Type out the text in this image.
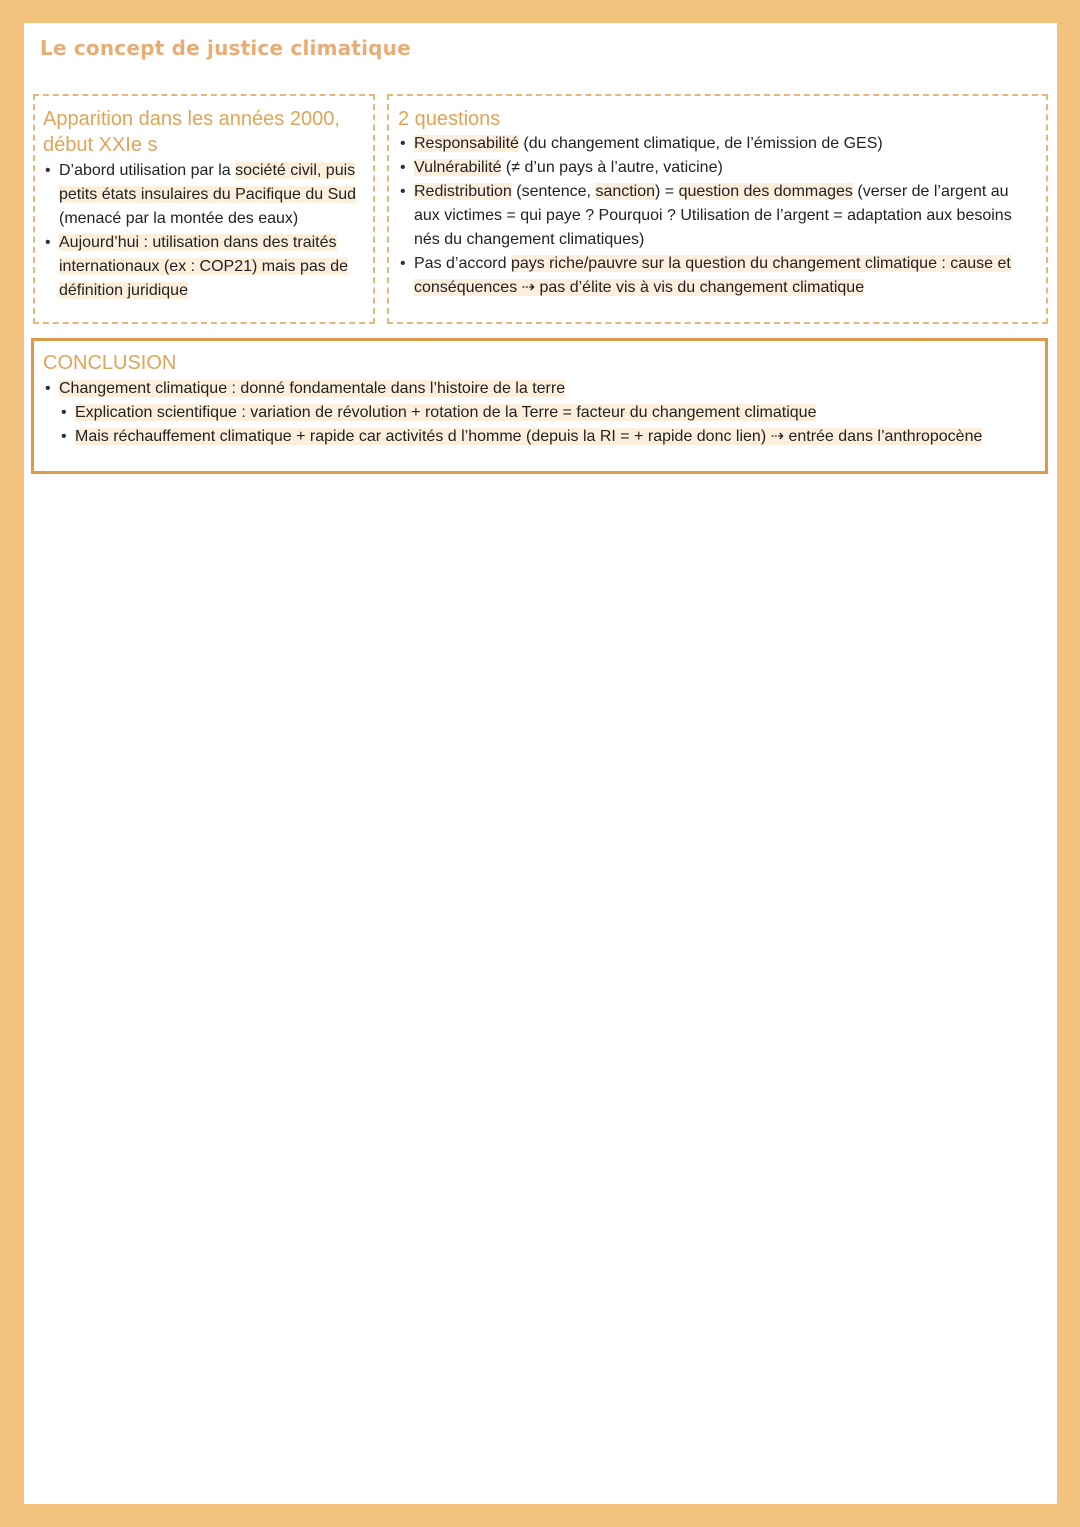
Le concept de justice climatique

Apparition dans les années 2000, début XXIe s

• D’abord utilisation par la société civil, puis petits états insulaires du Pacifique du Sud (menacé par la montée des eaux)
• Aujourd’hui : utilisation dans des traités internationaux (ex : COP21) mais pas de définition juridique

2 questions

• Responsabilité (du changement climatique, de l’émission de GES)
• Vulnérabilité (≠ d’un pays à l’autre, vaticine)
• Redistribution (sentence, sanction) = question des dommages (verser de l’argent au aux victimes = qui paye ? Pourquoi ? Utilisation de l’argent = adaptation aux besoins nés du changement climatiques)
• Pas d’accord pays riche/pauvre sur la question du changement climatique : cause et conséquences ⇢ pas d’élite vis à vis du changement climatique

CONCLUSION

• Changement climatique : donné fondamentale dans l’histoire de la terre
• Explication scientifique : variation de révolution + rotation de la Terre = facteur du changement climatique
• Mais réchauffement climatique + rapide car activités d l’homme (depuis la RI = + rapide donc lien) ⇢ entrée dans l’anthropocène
